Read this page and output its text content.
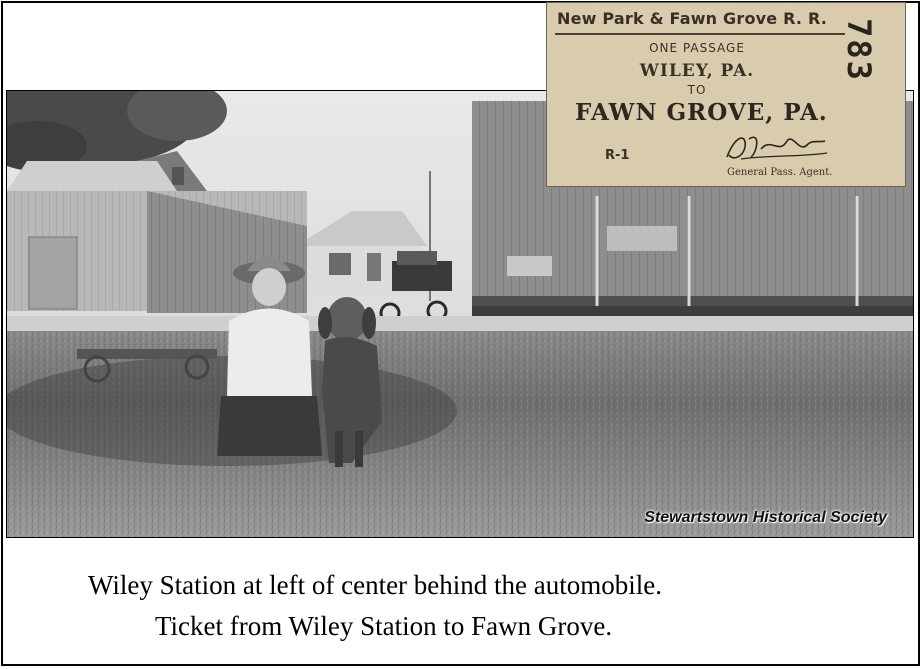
Stewartstown Historical Society
New Park & Fawn Grove R. R. 783
ONE PASSAGE
WILEY, PA.
TO
FAWN GROVE, PA.
R-1
General Pass. Agent.
Wiley Station at left of center behind the automobile.
Ticket from Wiley Station to Fawn Grove.
